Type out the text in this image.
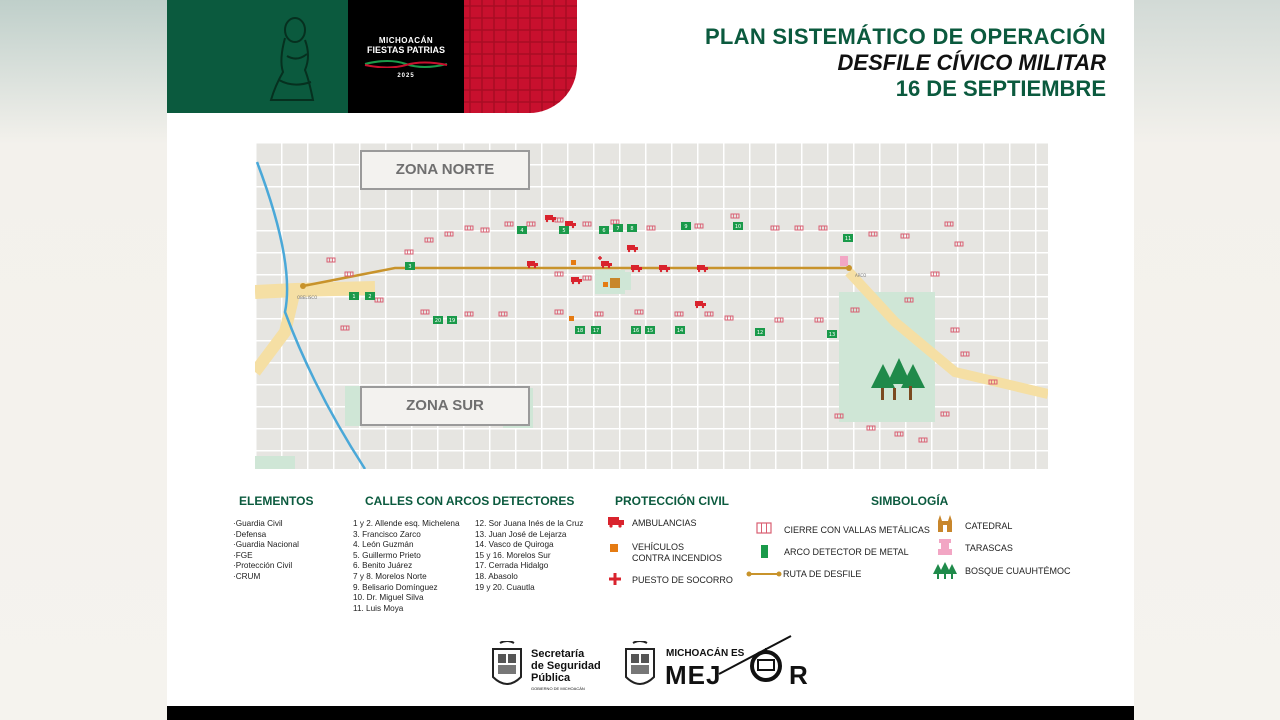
MICHOACÁN
FIESTAS PATRIAS
2025
PLAN SISTEMÁTICO DE OPERACIÓN
DESFILE CÍVICO MILITAR
16 DE SEPTIEMBRE
OBELISCO
ARCO
1	2
3
4	5	6 7 8	9	10
11
12	13
14
15
16
17
18
19
20
ZONA NORTE
ZONA SUR
ELEMENTOS
·Guardia Civil
·Defensa
·Guardia Nacional
·FGE
·Protección Civil
·CRUM
CALLES CON ARCOS DETECTORES
1 y 2. Allende esq. Michelena
3. Francisco Zarco
4. León Guzmán
5. Guillermo Prieto
6. Benito Juárez
7 y 8. Morelos Norte
9. Belisario Domínguez
10. Dr. Miguel Silva
11. Luis Moya
12. Sor Juana Inés de la Cruz
13. Juan José de Lejarza
14. Vasco de Quiroga
15 y 16. Morelos Sur
17. Cerrada Hidalgo
18. Abasolo
19 y 20. Cuautla
PROTECCIÓN CIVIL
AMBULANCIAS
VEHÍCULOS
CONTRA INCENDIOS
PUESTO DE SOCORRO
SIMBOLOGÍA
CIERRE CON VALLAS METÁLICAS
ARCO DETECTOR DE METAL
RUTA DE DESFILE
CATEDRAL
TARASCAS
BOSQUE CUAUHTÉMOC
Secretaría
de Seguridad
Pública
GOBIERNO DE MICHOACÁN
MICHOACÁN ES
MEJ	R
